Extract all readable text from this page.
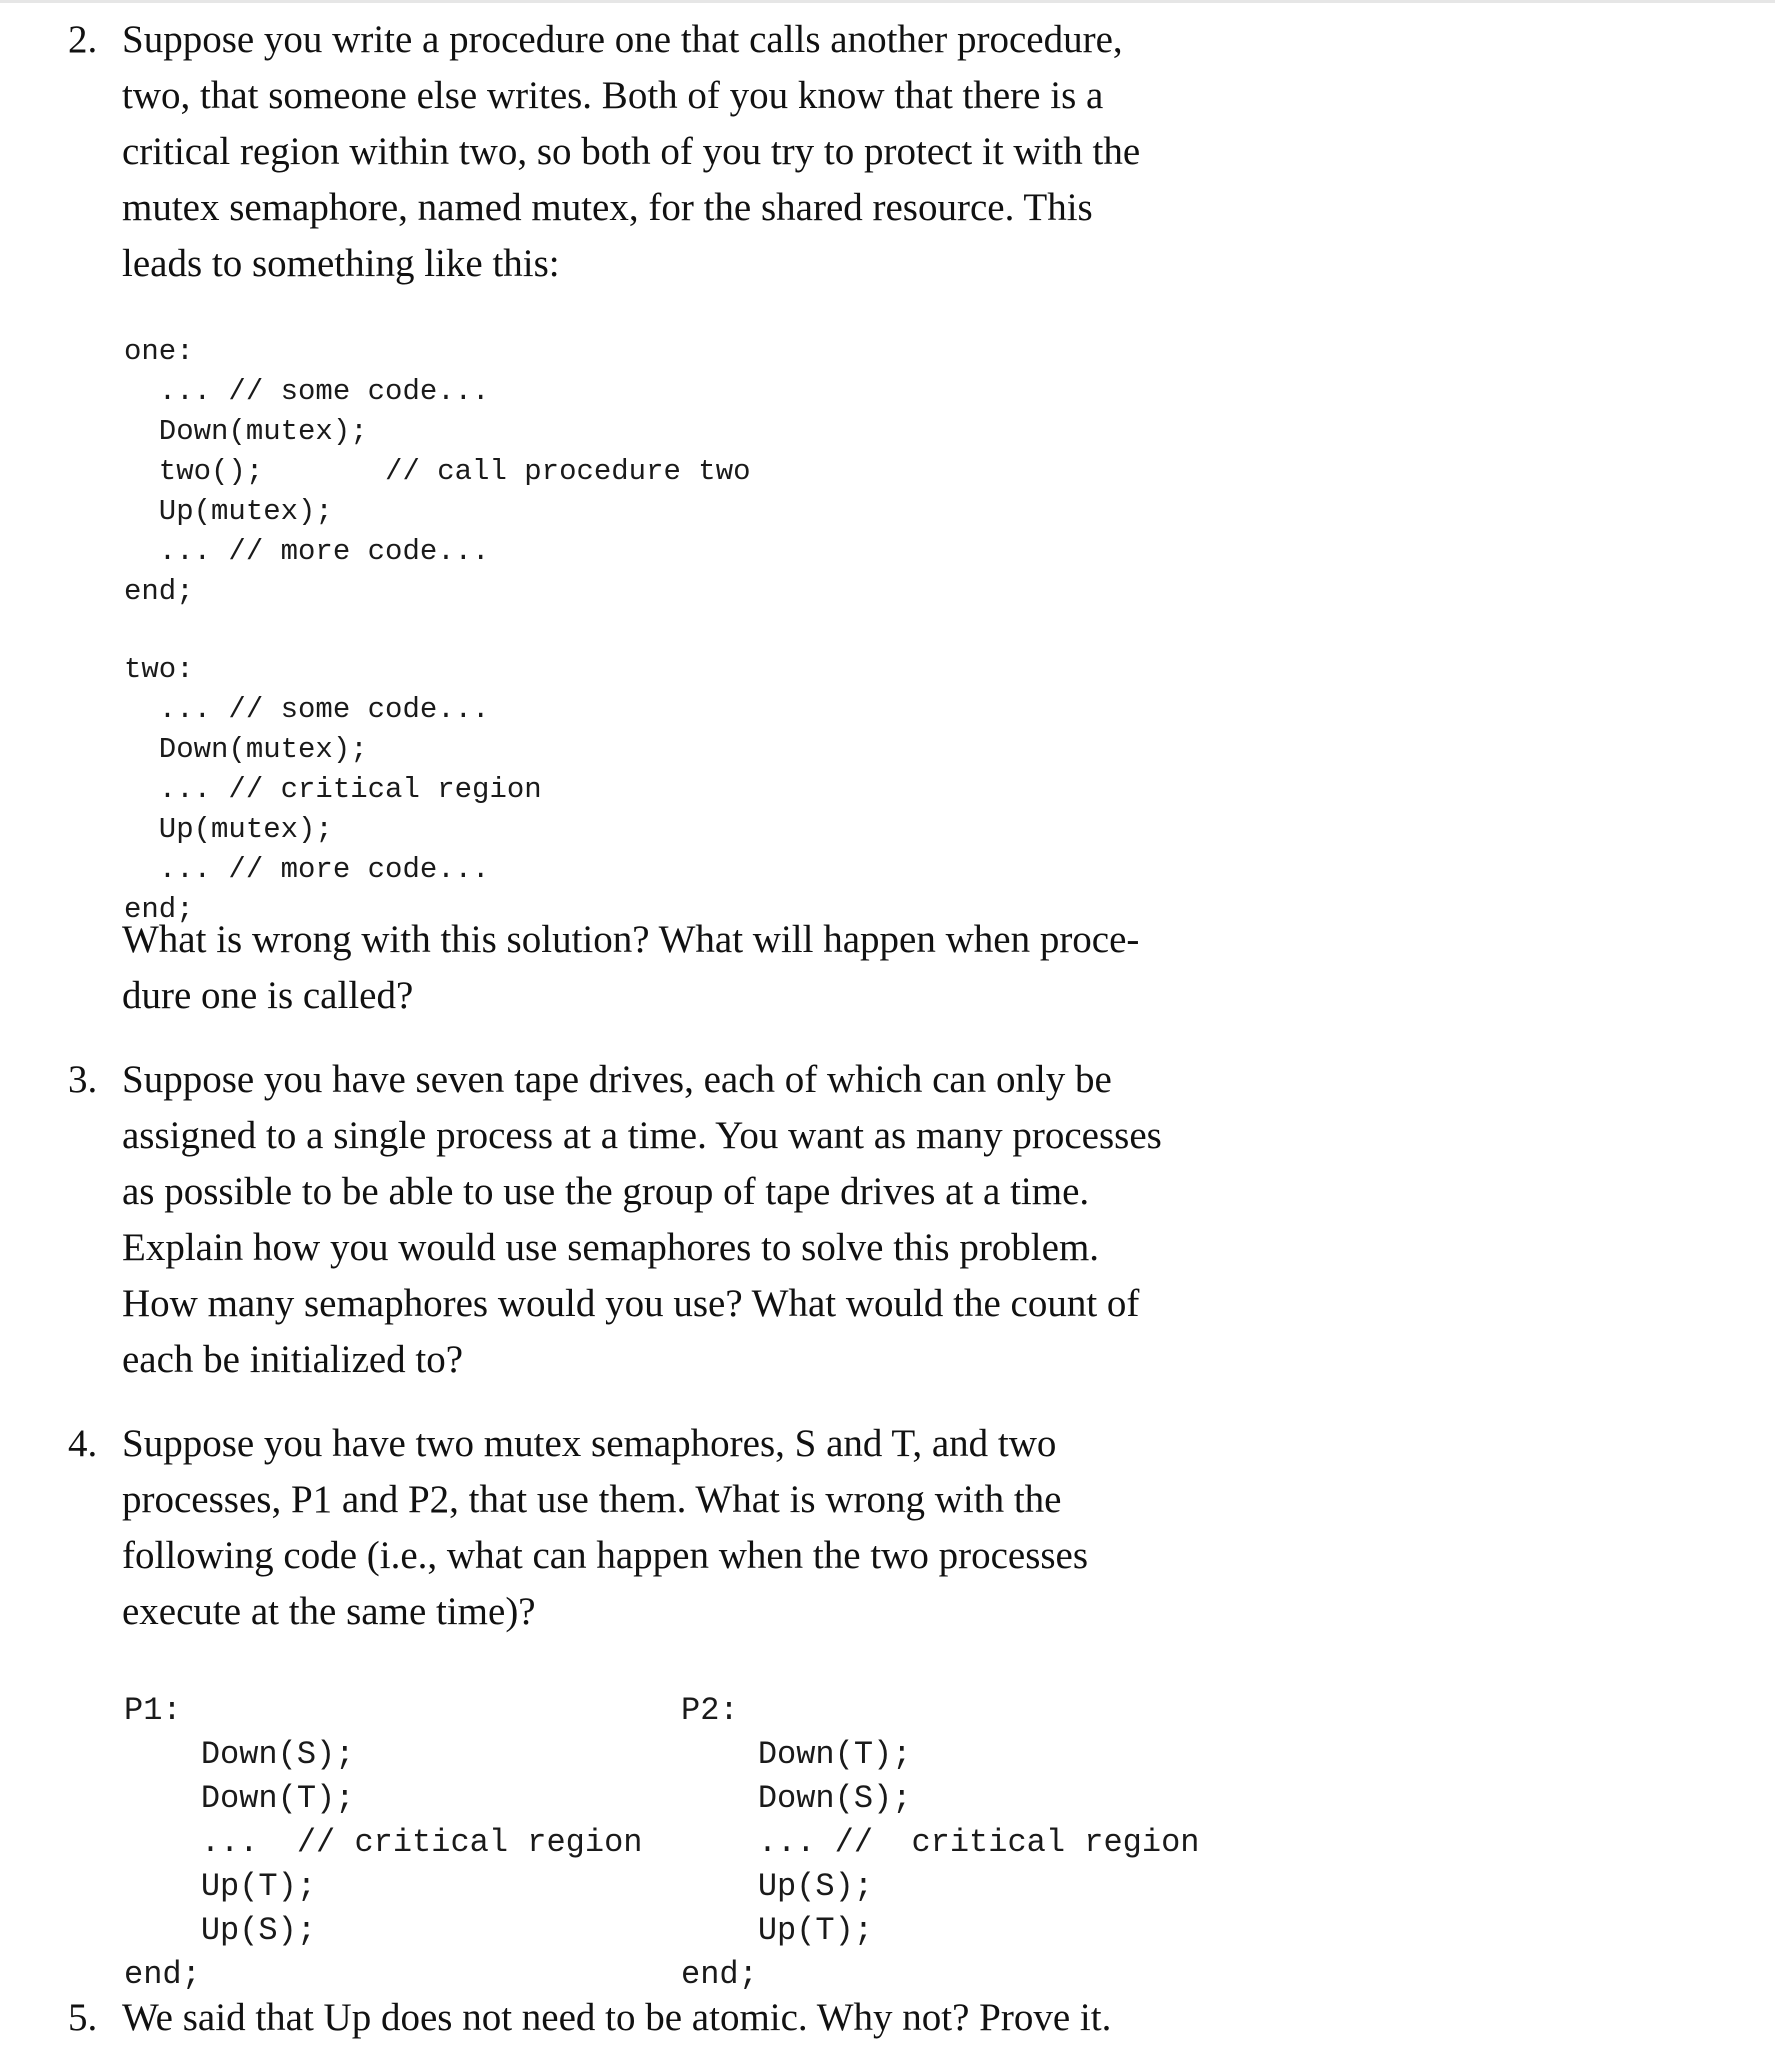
2. Suppose you write a procedure one that calls another procedure,
two, that someone else writes. Both of you know that there is a
critical region within two, so both of you try to protect it with the
mutex semaphore, named mutex, for the shared resource. This
leads to something like this:

one:
... // some code...
Down(mutex);
two();       // call procedure two
Up(mutex);
... // more code...
end;

two:
... // some code...
Down(mutex);
... // critical region
Up(mutex);
... // more code...
end;

What is wrong with this solution? What will happen when proce-
dure one is called?
3. Suppose you have seven tape drives, each of which can only be
assigned to a single process at a time. You want as many processes
as possible to be able to use the group of tape drives at a time.
Explain how you would use semaphores to solve this problem.
How many semaphores would you use? What would the count of
each be initialized to?
4. Suppose you have two mutex semaphores, S and T, and two
processes, P1 and P2, that use them. What is wrong with the
following code (i.e., what can happen when the two processes
execute at the same time)?

P1:
Down(S);
Down(T);
...  // critical region
Up(T);
Up(S);
end;

P2:
Down(T);
Down(S);
... //  critical region
Up(S);
Up(T);
end;

5. We said that Up does not need to be atomic. Why not? Prove it.
